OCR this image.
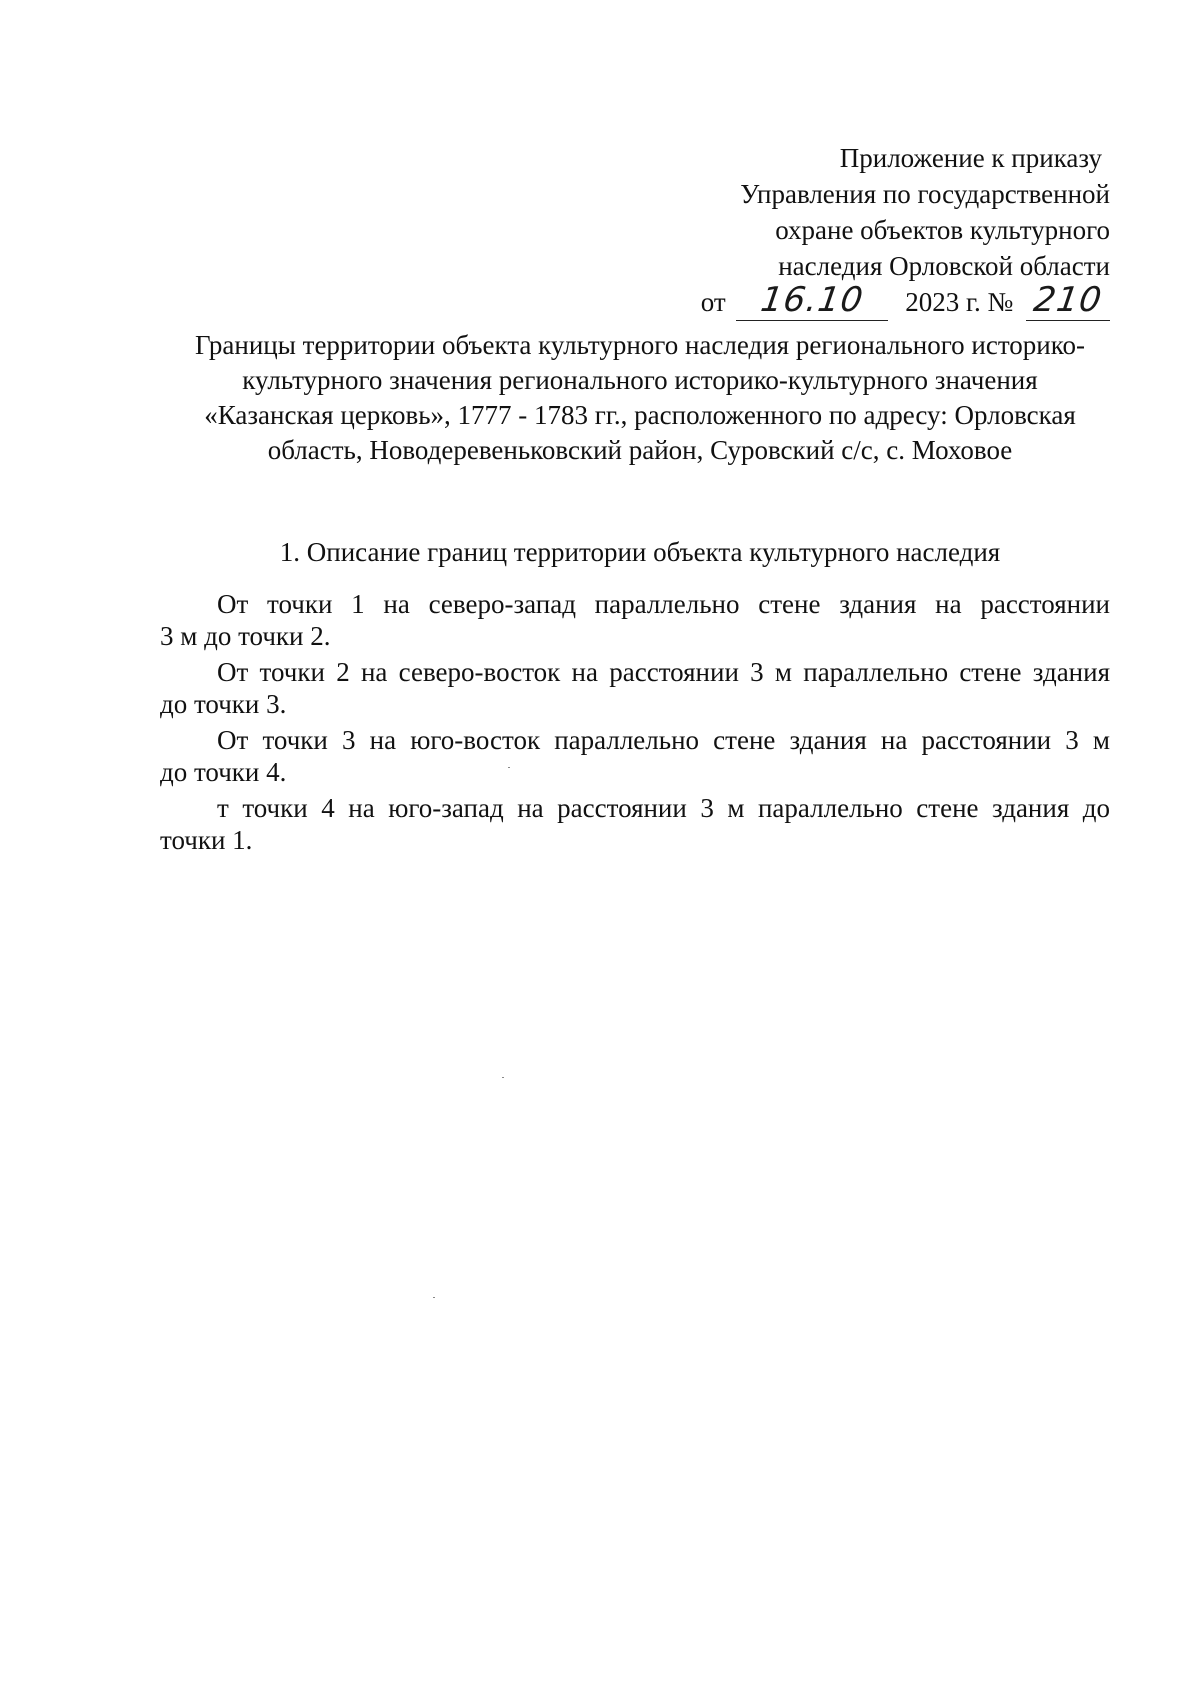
Приложение к приказу
Управления по государственной
охране объектов культурного
наследия Орловской области
от 16.10 2023 г. № 210
Границы территории объекта культурного наследия регионального историко-
культурного значения регионального историко-культурного значения
«Казанская церковь», 1777 - 1783 гг., расположенного по адресу: Орловская
область, Новодеревеньковский район, Суровский с/с, с. Моховое
1. Описание границ территории объекта культурного наследия
От точки 1 на северо-запад параллельно стене здания на расстоянии
3 м до точки 2.
От точки 2 на северо-восток на расстоянии 3 м параллельно стене здания
до точки 3.
От точки 3 на юго-восток параллельно стене здания на расстоянии 3 м
до точки 4.
т точки 4 на юго-запад на расстоянии 3 м параллельно стене здания до
точки 1.
